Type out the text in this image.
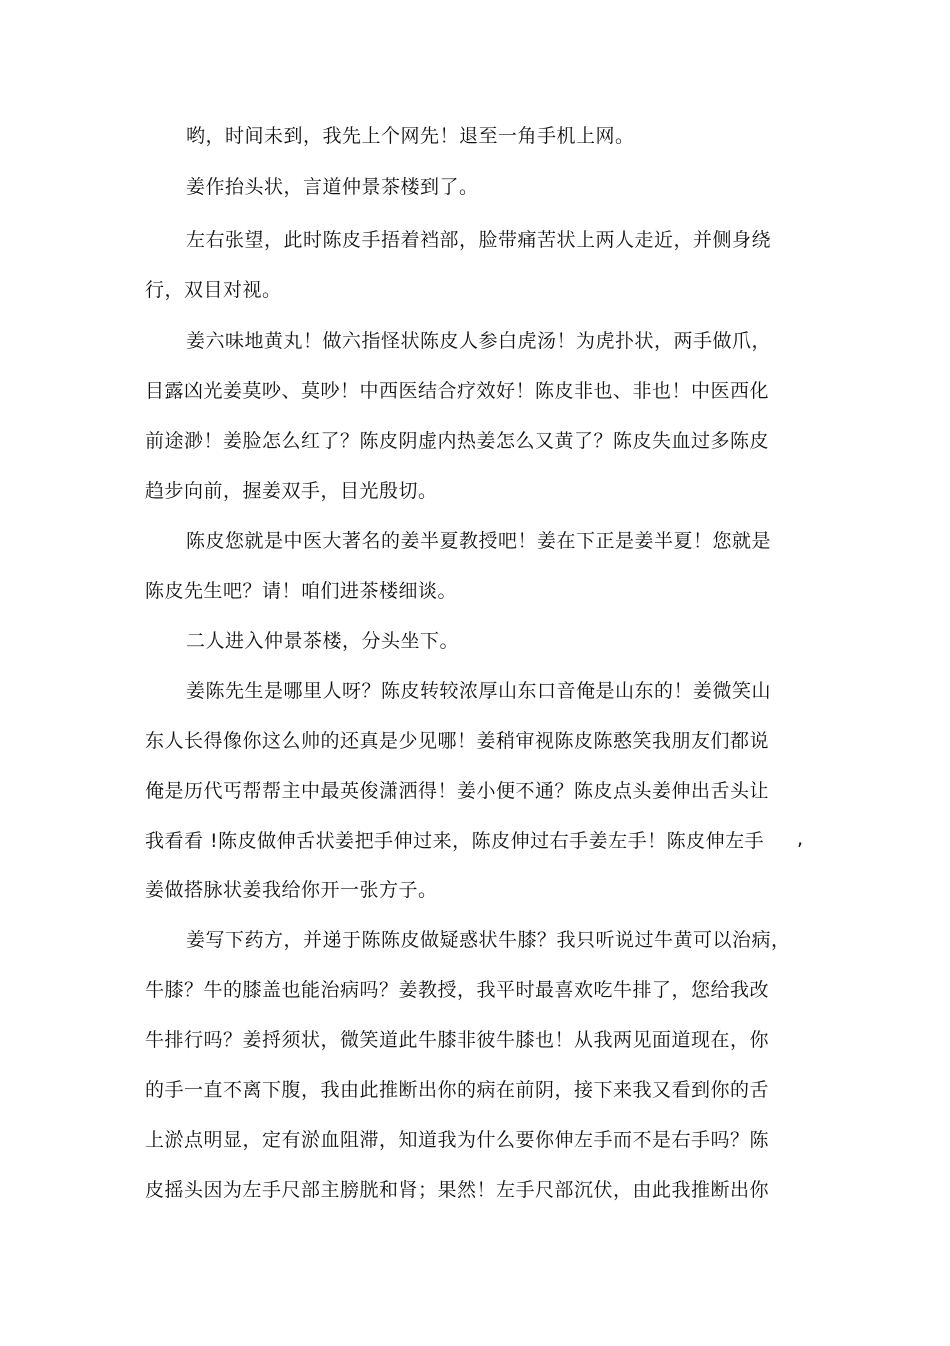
哟，时间未到，我先上个网先！退至一角手机上网。
姜作抬头状，言道仲景茶楼到了。
左右张望，此时陈皮手捂着裆部，脸带痛苦状上两人走近，并侧身绕
行，双目对视。
姜六味地黄丸！做六指怪状陈皮人参白虎汤！为虎扑状，两手做爪，
目露凶光姜莫吵、莫吵！中西医结合疗效好！陈皮非也、非也！中医西化
前途渺！姜脸怎么红了？陈皮阴虚内热姜怎么又黄了？陈皮失血过多陈皮
趋步向前，握姜双手，目光殷切。
陈皮您就是中医大著名的姜半夏教授吧！姜在下正是姜半夏！您就是
陈皮先生吧？请！咱们进茶楼细谈。
二人进入仲景茶楼，分头坐下。
姜陈先生是哪里人呀？陈皮转较浓厚山东口音俺是山东的！姜微笑山
东人长得像你这么帅的还真是少见哪！姜稍审视陈皮陈憨笑我朋友们都说
俺是历代丐帮帮主中最英俊潇洒得！姜小便不通？陈皮点头姜伸出舌头让
我看看 !陈皮做伸舌状姜把手伸过来，陈皮伸过右手姜左手！陈皮伸左手
姜做搭脉状姜我给你开一张方子。
姜写下药方，并递于陈陈皮做疑惑状牛膝？我只听说过牛黄可以治病，
牛膝？牛的膝盖也能治病吗？姜教授，我平时最喜欢吃牛排了，您给我改
牛排行吗？姜捋须状，微笑道此牛膝非彼牛膝也！从我两见面道现在，你
的手一直不离下腹，我由此推断出你的病在前阴，接下来我又看到你的舌
上淤点明显，定有淤血阻滞，知道我为什么要你伸左手而不是右手吗？陈
皮摇头因为左手尺部主膀胱和肾；果然！左手尺部沉伏，由此我推断出你
,
